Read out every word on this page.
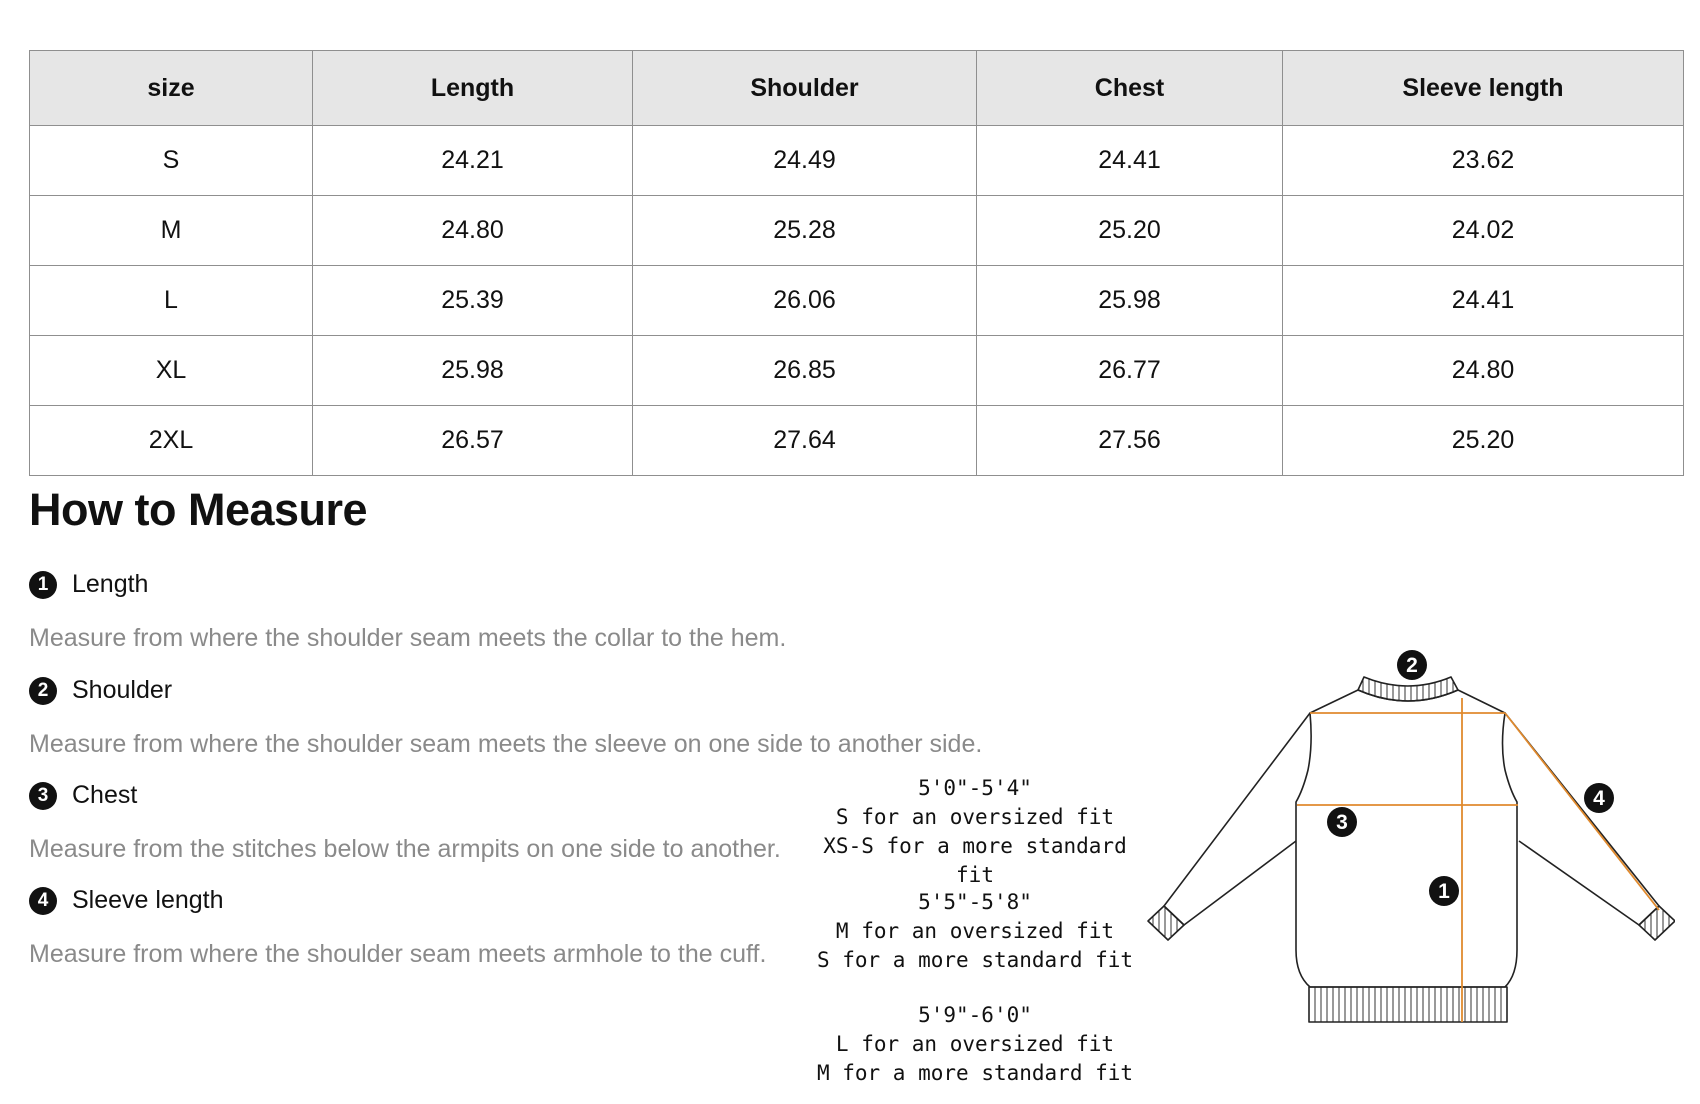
size	Length	Shoulder	Chest	Sleeve length
S	24.21	24.49	24.41	23.62
M	24.80	25.28	25.20	24.02
L	25.39	26.06	25.98	24.41
XL	25.98	26.85	26.77	24.80
2XL	26.57	27.64	27.56	25.20
How to Measure
1 Length
Measure from where the shoulder seam meets the collar to the hem.
2 Shoulder
Measure from where the shoulder seam meets the sleeve on one side to another side.
3 Chest
Measure from the stitches below the armpits on one side to another.
4 Sleeve length
Measure from where the shoulder seam meets armhole to the cuff.
5'0"-5'4"
S for an oversized fit
XS-S for a more standard fit
5'5"-5'8"
M for an oversized fit
S for a more standard fit
5'9"-6'0"
L for an oversized fit
M for a more standard fit
1
2
3
4
